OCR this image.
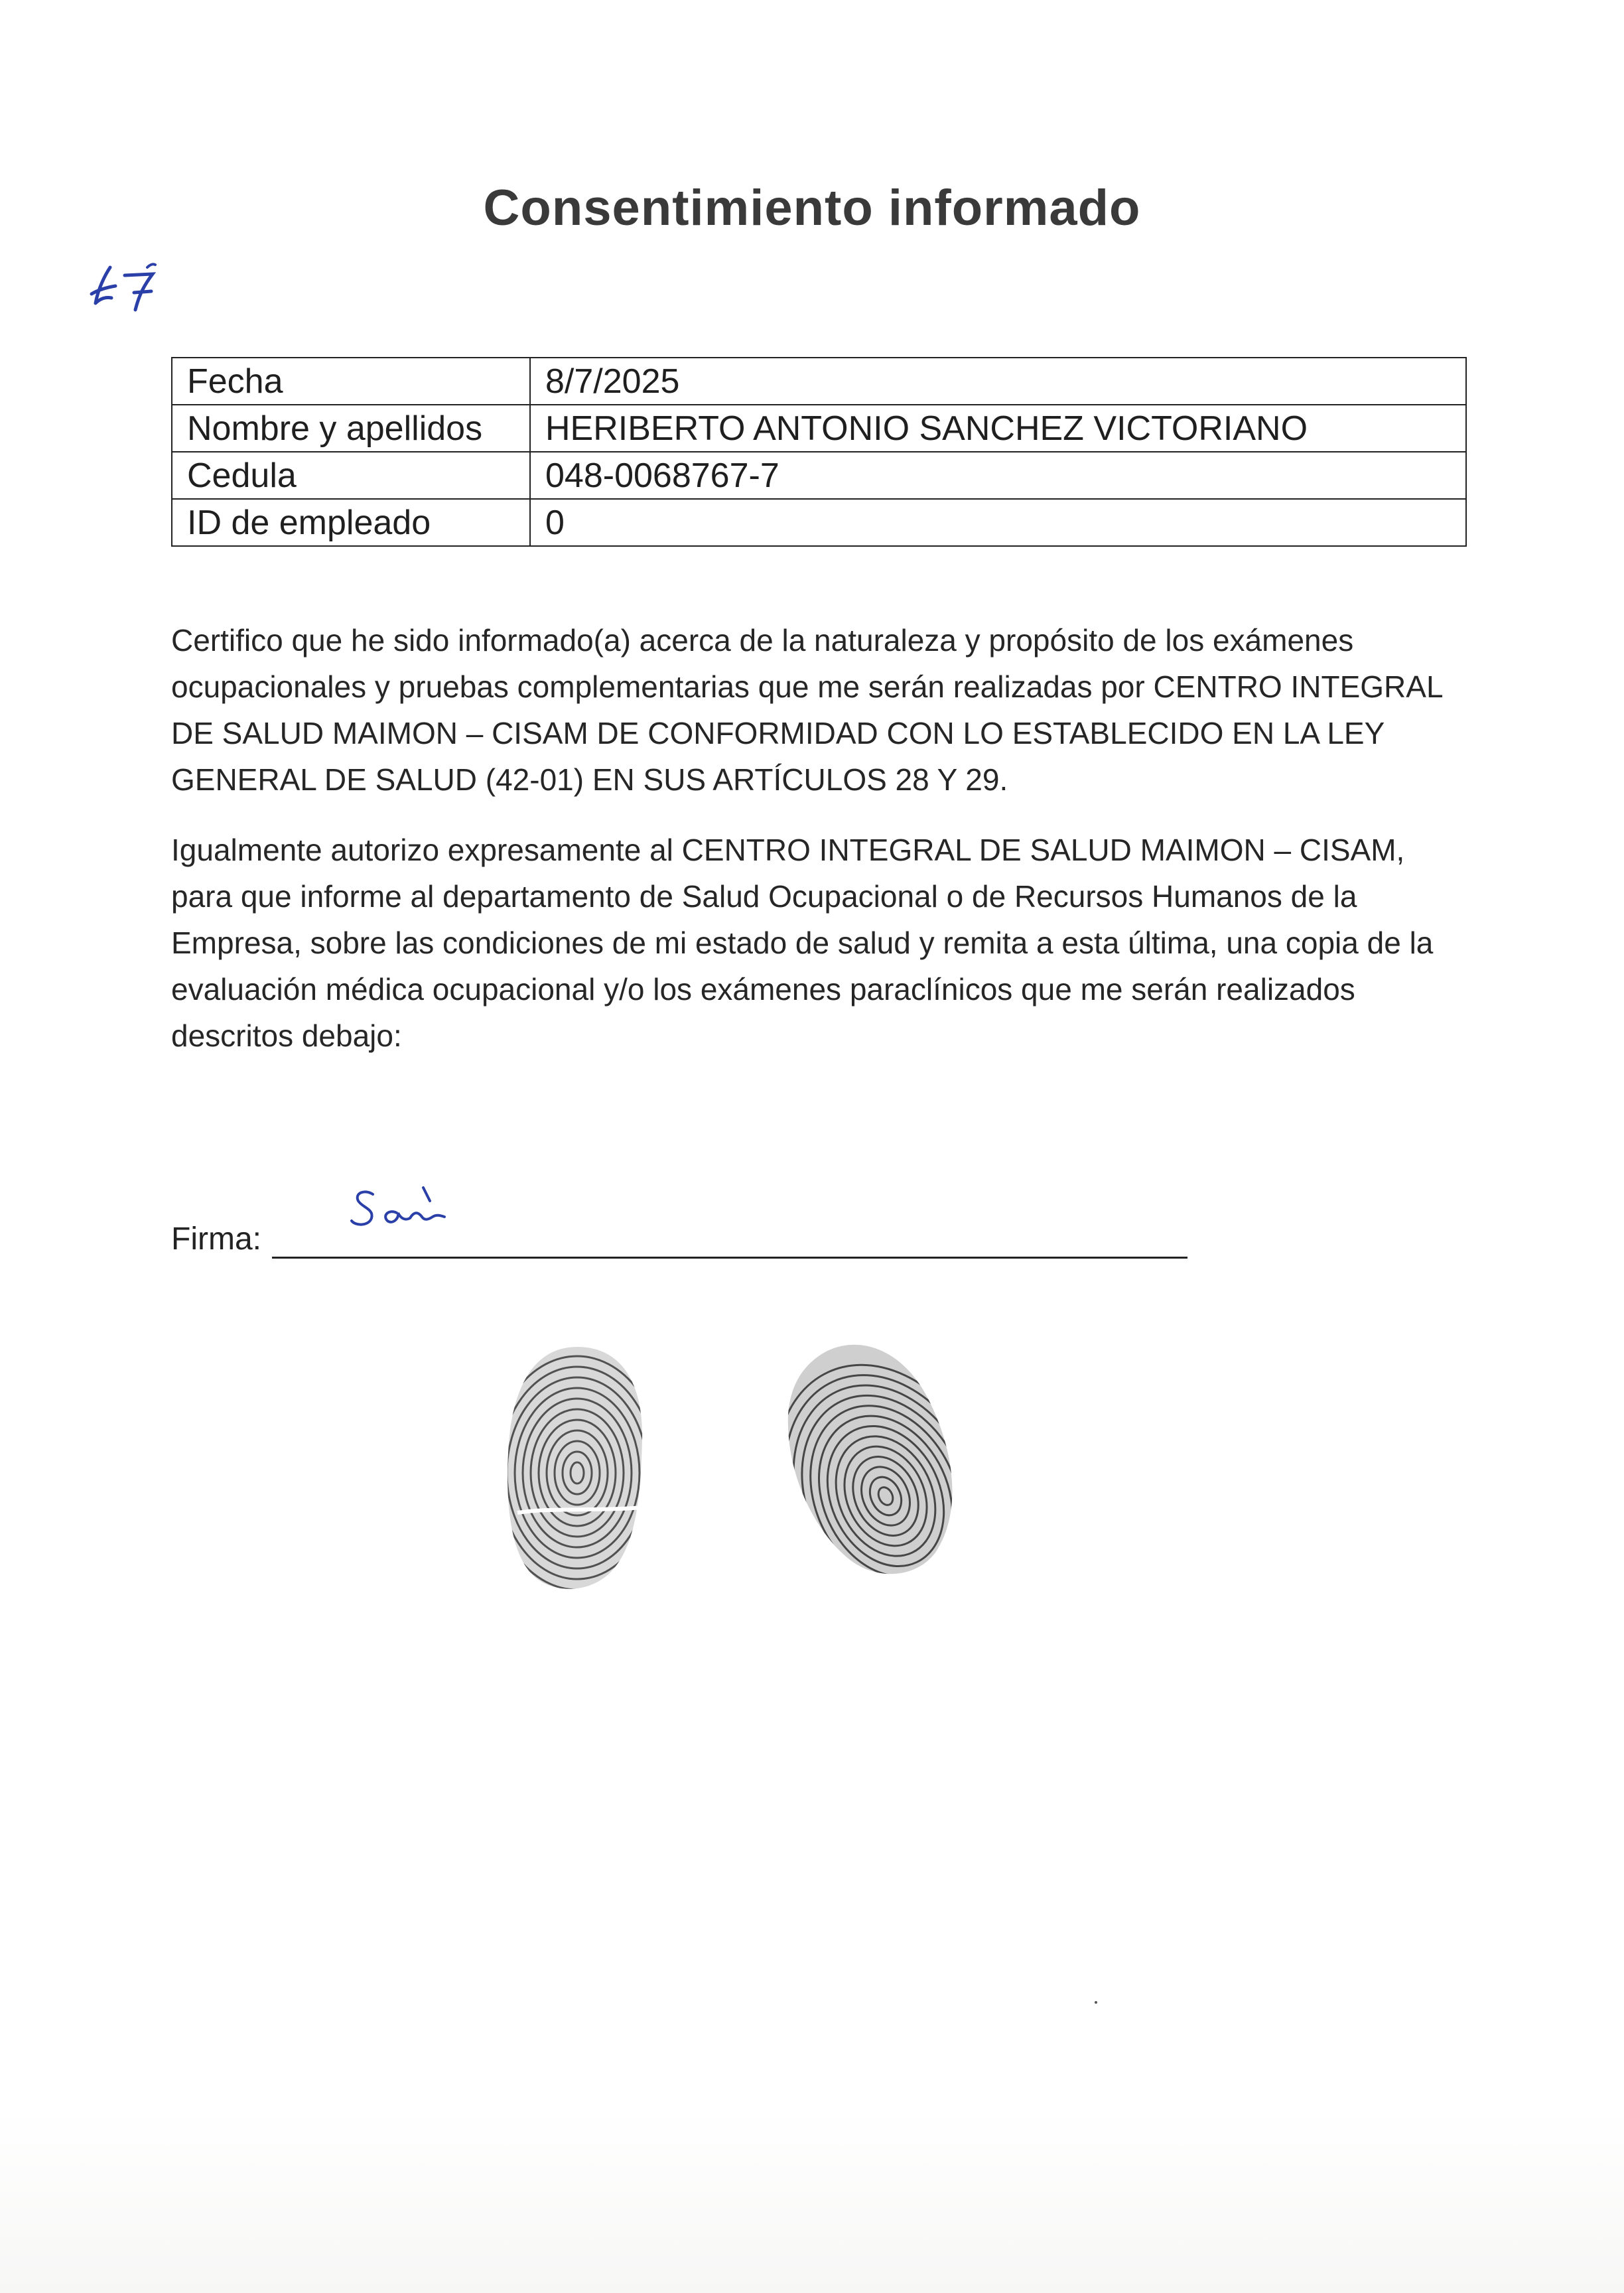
Consentimiento informado
Fecha	8/7/2025
Nombre y apellidos	HERIBERTO ANTONIO SANCHEZ VICTORIANO
Cedula	048-0068767-7
ID de empleado	0
Certifico que he sido informado(a) acerca de la naturaleza y propósito de los exámenes ocupacionales y pruebas complementarias que me serán realizadas por CENTRO INTEGRAL DE SALUD MAIMON – CISAM DE CONFORMIDAD CON LO ESTABLECIDO EN LA LEY GENERAL DE SALUD (42-01) EN SUS ARTÍCULOS 28 Y 29.
Igualmente autorizo expresamente al CENTRO INTEGRAL DE SALUD MAIMON – CISAM, para que informe al departamento de Salud Ocupacional o de Recursos Humanos de la Empresa, sobre las condiciones de mi estado de salud y remita a esta última, una copia de la evaluación médica ocupacional y/o los exámenes paraclínicos que me serán realizados descritos debajo:
Firma:
